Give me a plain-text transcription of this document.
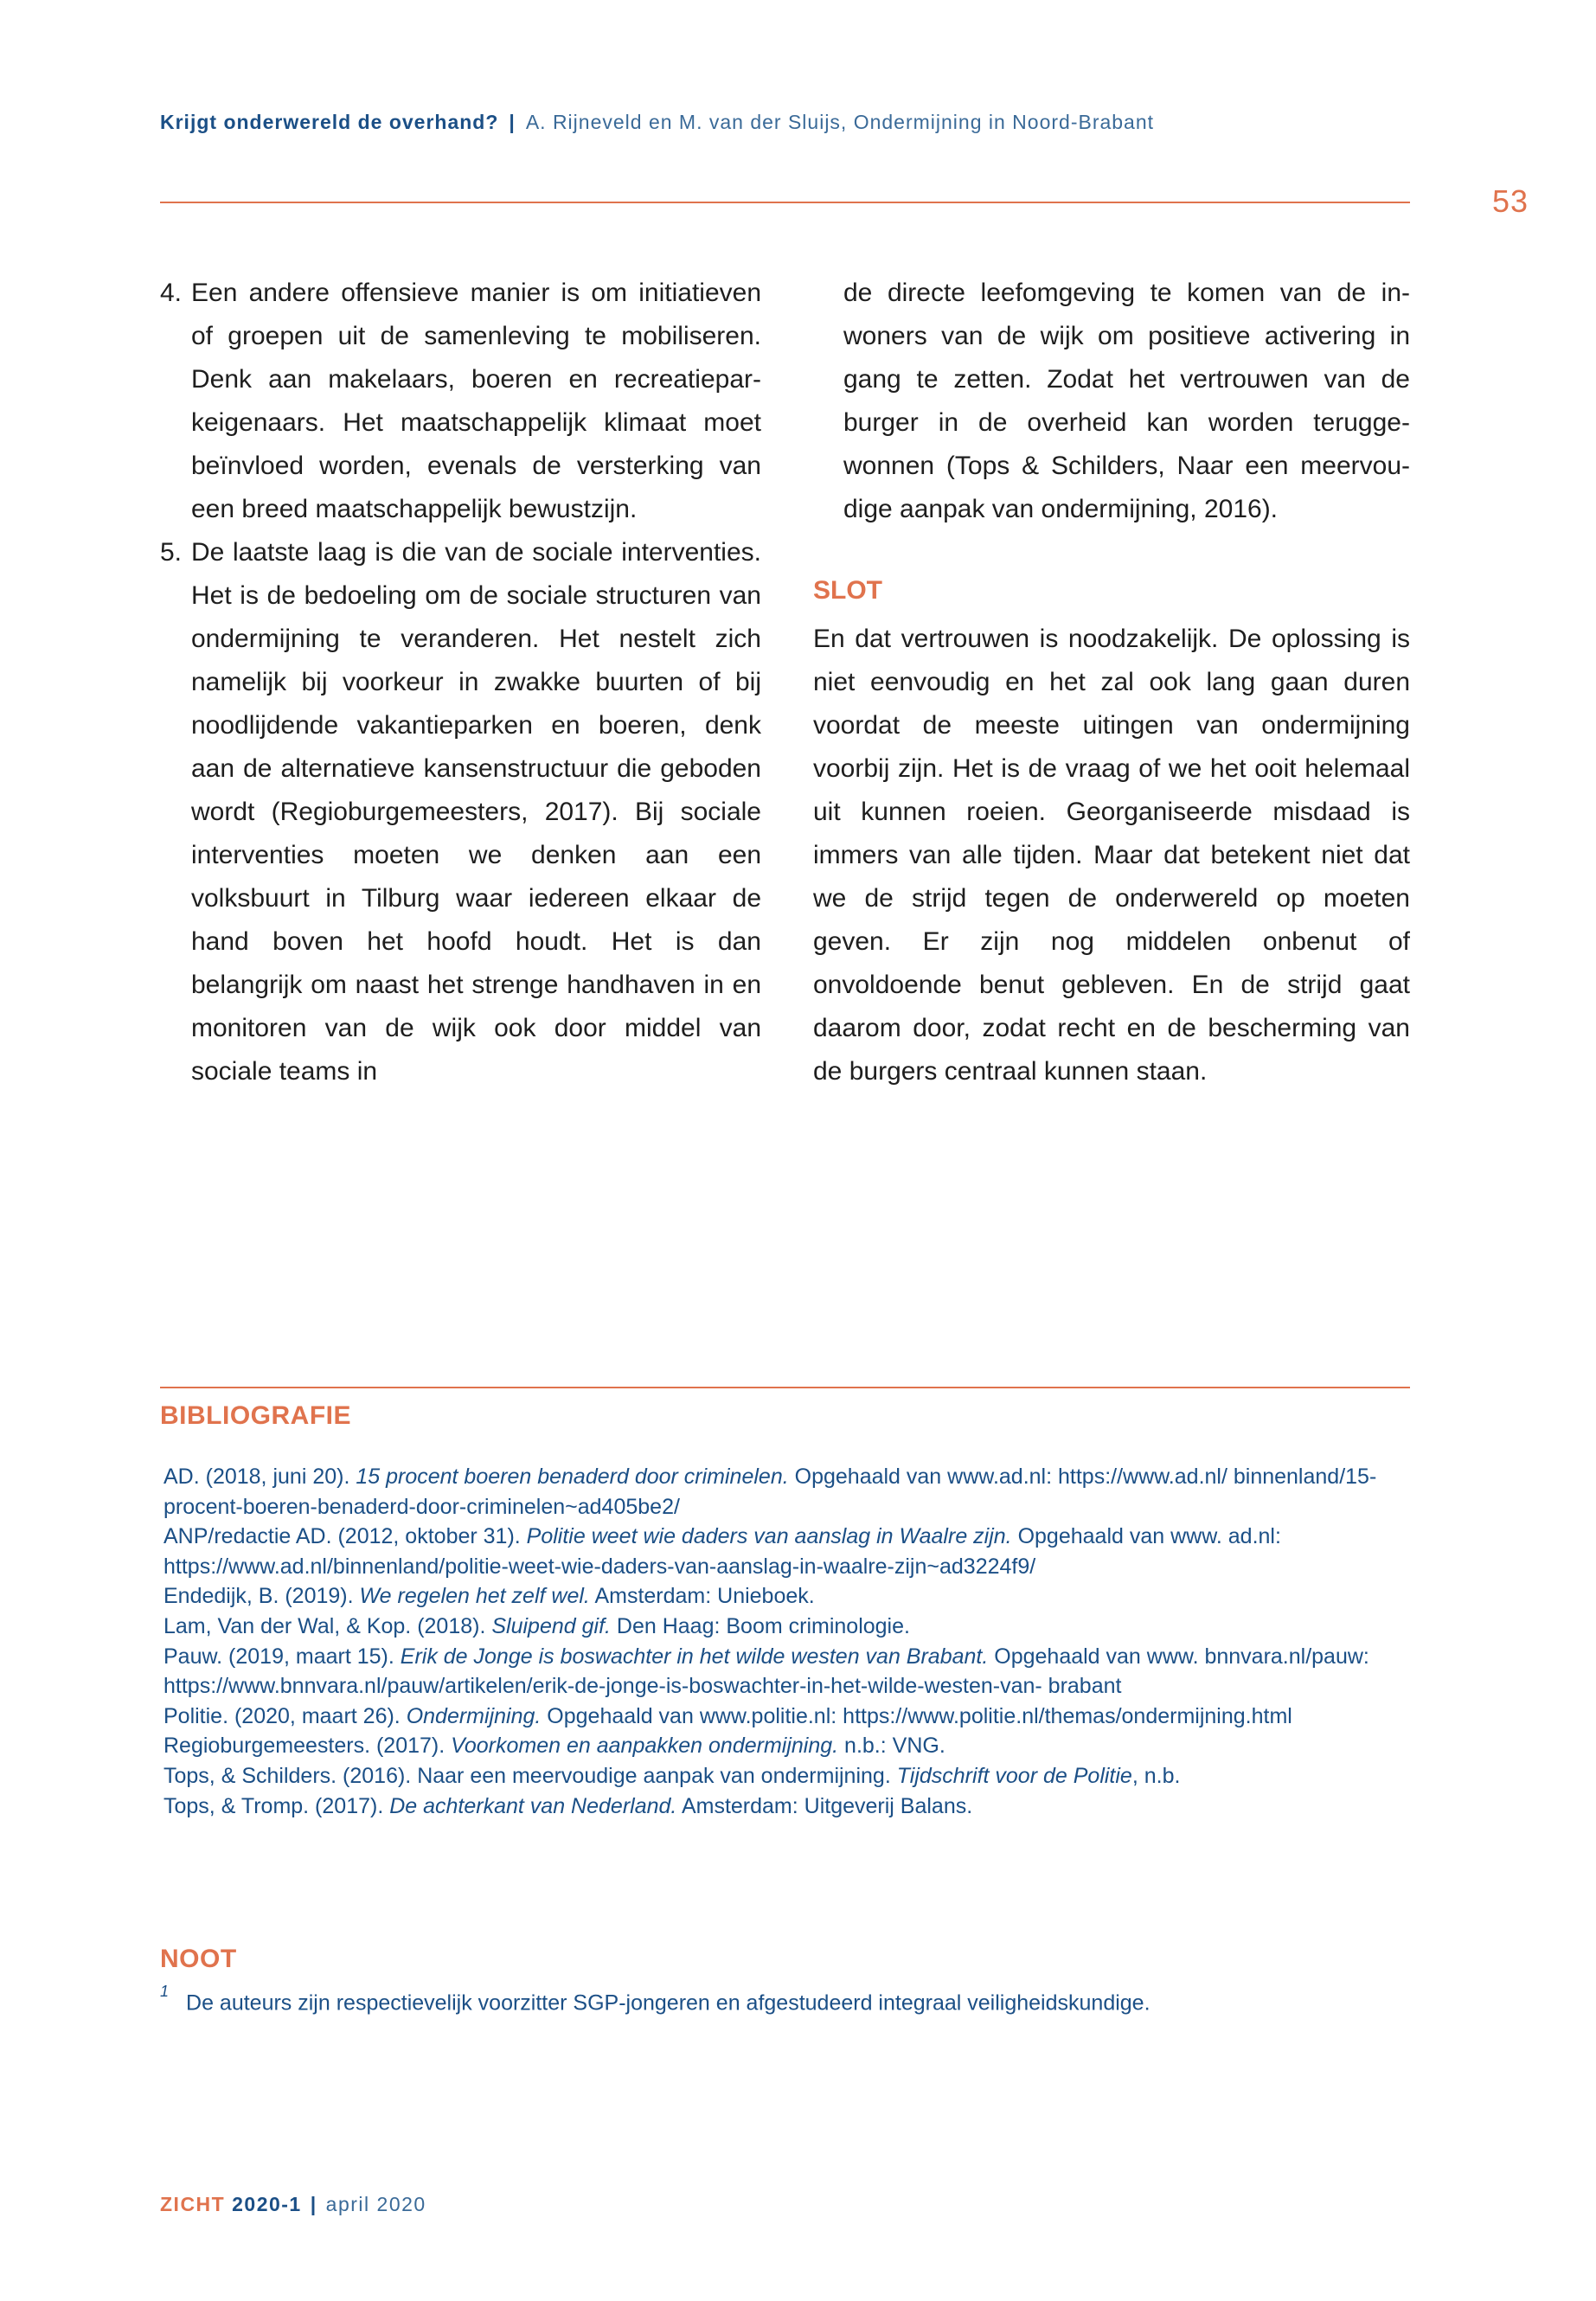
Krijgt onderwereld de overhand? | A. Rijneveld en M. van der Sluijs, Ondermijning in Noord-Brabant
53
4. Een andere offensieve manier is om initiatieven of groepen uit de samenleving te mobiliseren. Denk aan makelaars, boeren en recreatieparkeigenaars. Het maatschappelijk klimaat moet beïnvloed worden, evenals de versterking van een breed maatschappelijk bewustzijn.
5. De laatste laag is die van de sociale interventies. Het is de bedoeling om de sociale structuren van ondermijning te veranderen. Het nestelt zich namelijk bij voorkeur in zwakke buurten of bij noodlijdende vakantieparken en boeren, denk aan de alternatieve kansenstructuur die geboden wordt (Regioburgemeesters, 2017). Bij sociale interventies moeten we denken aan een volksbuurt in Tilburg waar iedereen elkaar de hand boven het hoofd houdt. Het is dan belangrijk om naast het strenge handhaven in en monitoren van de wijk ook door middel van sociale teams in

de directe leefomgeving te komen van de inwoners van de wijk om positieve activering in gang te zetten. Zodat het vertrouwen van de burger in de overheid kan worden teruggewonnen (Tops & Schilders, Naar een meervoudige aanpak van ondermijning, 2016).

SLOT

En dat vertrouwen is noodzakelijk. De oplossing is niet eenvoudig en het zal ook lang gaan duren voordat de meeste uitingen van ondermijning voorbij zijn. Het is de vraag of we het ooit helemaal uit kunnen roeien. Georganiseerde misdaad is immers van alle tijden. Maar dat betekent niet dat we de strijd tegen de onderwereld op moeten geven. Er zijn nog middelen onbenut of onvoldoende benut gebleven. En de strijd gaat daarom door, zodat recht en de bescherming van de burgers centraal kunnen staan.

BIBLIOGRAFIE
AD. (2018, juni 20). 15 procent boeren benaderd door criminelen. Opgehaald van www.ad.nl: https://www.ad.nl/ binnenland/15-procent-boeren-benaderd-door-criminelen~ad405be2/
ANP/redactie AD. (2012, oktober 31). Politie weet wie daders van aanslag in Waalre zijn. Opgehaald van www. ad.nl: https://www.ad.nl/binnenland/politie-weet-wie-daders-van-aanslag-in-waalre-zijn~ad3224f9/
Endedijk, B. (2019). We regelen het zelf wel. Amsterdam: Unieboek.
Lam, Van der Wal, & Kop. (2018). Sluipend gif. Den Haag: Boom criminologie.
Pauw. (2019, maart 15). Erik de Jonge is boswachter in het wilde westen van Brabant. Opgehaald van www. bnnvara.nl/pauw: https://www.bnnvara.nl/pauw/artikelen/erik-de-jonge-is-boswachter-in-het-wilde-westen-van- brabant
Politie. (2020, maart 26). Ondermijning. Opgehaald van www.politie.nl: https://www.politie.nl/themas/ondermijning.html
Regioburgemeesters. (2017). Voorkomen en aanpakken ondermijning. n.b.: VNG.
Tops, & Schilders. (2016). Naar een meervoudige aanpak van ondermijning. Tijdschrift voor de Politie, n.b.
Tops, & Tromp. (2017). De achterkant van Nederland. Amsterdam: Uitgeverij Balans.
NOOT
$^1$ De auteurs zijn respectievelijk voorzitter SGP-jongeren en afgestudeerd integraal veiligheidskundige.
ZICHT 2020-1 | april 2020
